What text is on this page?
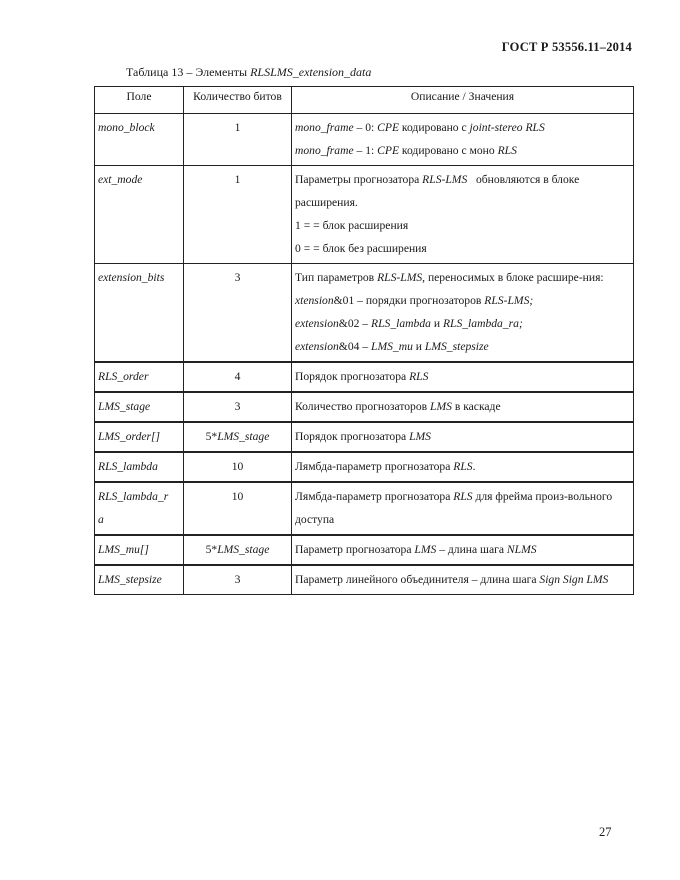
ГОСТ Р 53556.11–2014
Таблица 13 – Элементы RLSLMS_extension_data
Поле	Количество битов	Описание / Значения
mono_block	1	mono_frame – 0: CPE кодировано с joint-stereo RLS
mono_frame – 1: CPE кодировано с моно RLS

ext_mode	1	Параметры прогнозатора RLS-LMS   обновляются в блоке расширения.
1 = = блок расширения
0 = = блок без расширения

extension_bits	3	Тип параметров RLS-LMS, переносимых в блоке расшире-ния:
xtension&01 – порядки прогнозаторов RLS-LMS;
extension&02 – RLS_lambda и RLS_lambda_ra;
extension&04 – LMS_mu и LMS_stepsize

RLS_order	4	Порядок прогнозатора RLS

LMS_stage	3	Количество прогнозаторов LMS в каскаде

LMS_order[]	5*LMS_stage	Порядок прогнозатора LMS

RLS_lambda	10	Лямбда-параметр прогнозатора RLS.

RLS_lambda_r
a	10	Лямбда-параметр прогнозатора RLS для фрейма произ-вольного доступа

LMS_mu[]	5*LMS_stage	Параметр прогнозатора LMS – длина шага NLMS

LMS_stepsize	3	Параметр линейного объединителя – длина шага Sign Sign LMS
27
